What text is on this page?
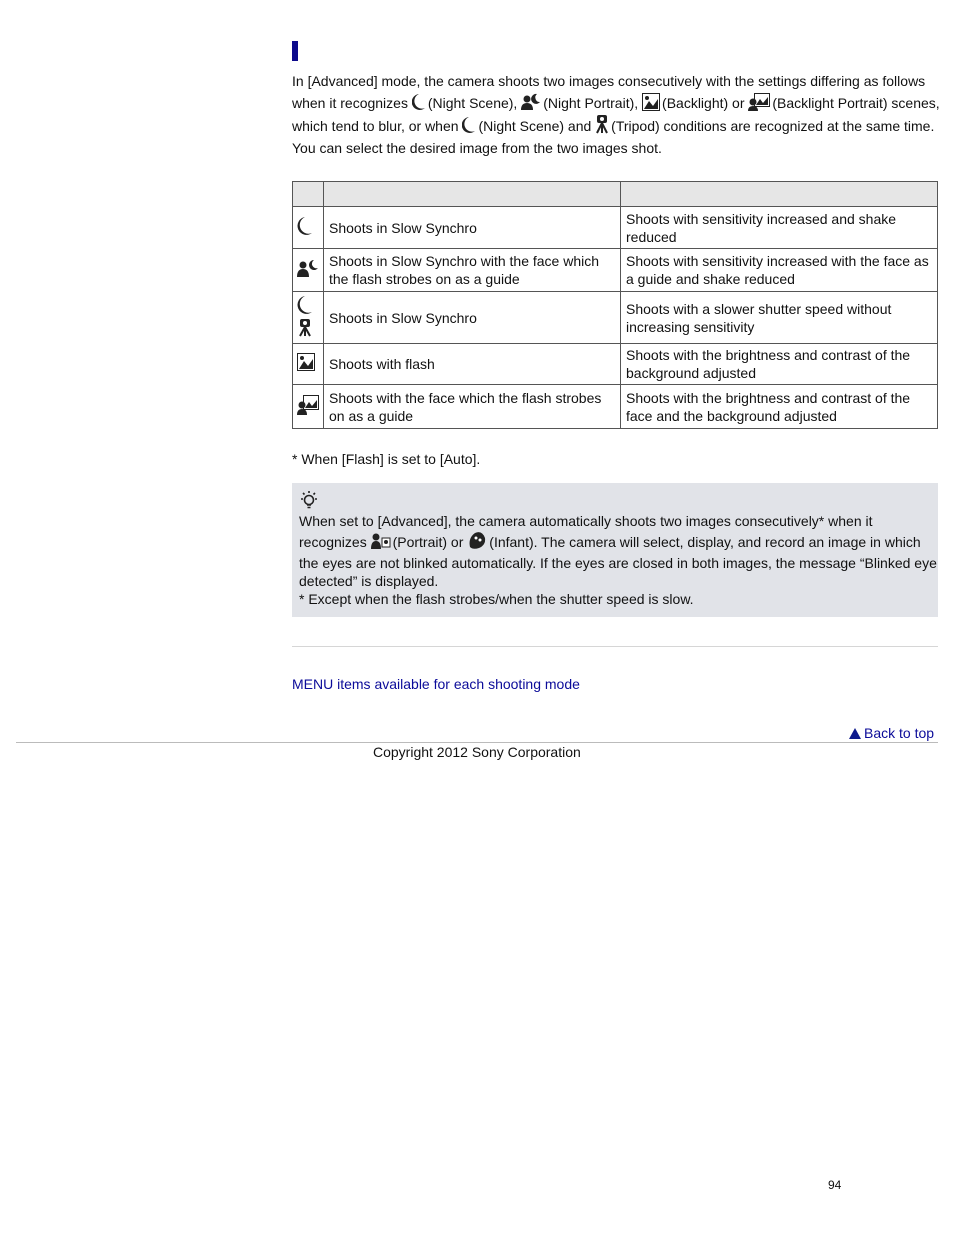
In [Advanced] mode, the camera shoots two images consecutively with the settings differing as follows
when it recognizes (Night Scene), (Night Portrait), (Backlight) or (Backlight Portrait) scenes,
which tend to blur, or when (Night Scene) and (Tripod) conditions are recognized at the same time.
You can select the desired image from the two images shot.

	Shoots in Slow Synchro	Shoots with sensitivity increased and shake reduced
	Shoots in Slow Synchro with the face which the flash strobes on as a guide	Shoots with sensitivity increased with the face as a guide and shake reduced
	Shoots in Slow Synchro	Shoots with a slower shutter speed without increasing sensitivity
	Shoots with flash	Shoots with the brightness and contrast of the background adjusted
	Shoots with the face which the flash strobes on as a guide	Shoots with the brightness and contrast of the face and the background adjusted
* When [Flash] is set to [Auto].
When set to [Advanced], the camera automatically shoots two images consecutively* when it
recognizes (Portrait) or (Infant). The camera will select, display, and record an image in which
the eyes are not blinked automatically. If the eyes are closed in both images, the message “Blinked eye
detected” is displayed.
* Except when the flash strobes/when the shutter speed is slow.
MENU items available for each shooting mode
Back to top
Copyright 2012 Sony Corporation
94
